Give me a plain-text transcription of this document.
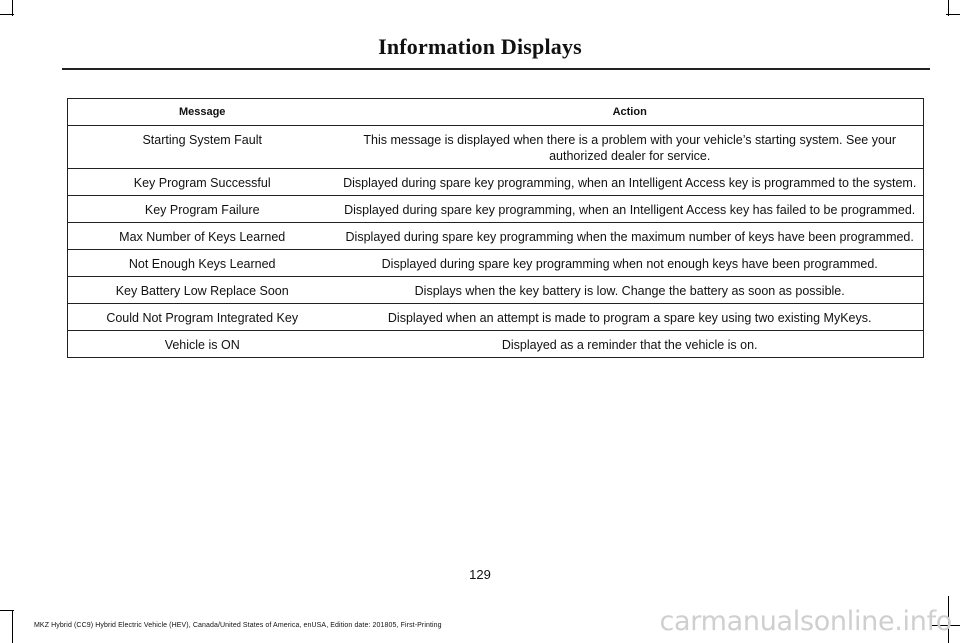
Information Displays
Message	Action
Starting System Fault	This message is displayed when there is a problem with your vehicle’s starting system. See your authorized dealer for service.
Key Program Successful	Displayed during spare key programming, when an Intelligent Access key is programmed to the system.
Key Program Failure	Displayed during spare key programming, when an Intelligent Access key has failed to be programmed.
Max Number of Keys Learned	Displayed during spare key programming when the maximum number of keys have been programmed.
Not Enough Keys Learned	Displayed during spare key programming when not enough keys have been programmed.
Key Battery Low Replace Soon	Displays when the key battery is low. Change the battery as soon as possible.
Could Not Program Integrated Key	Displayed when an attempt is made to program a spare key using two existing MyKeys.
Vehicle is ON	Displayed as a reminder that the vehicle is on.
129
MKZ Hybrid (CC9) Hybrid Electric Vehicle (HEV), Canada/United States of America, enUSA, Edition date: 201805, First-Printing	carmanualsonline.info
